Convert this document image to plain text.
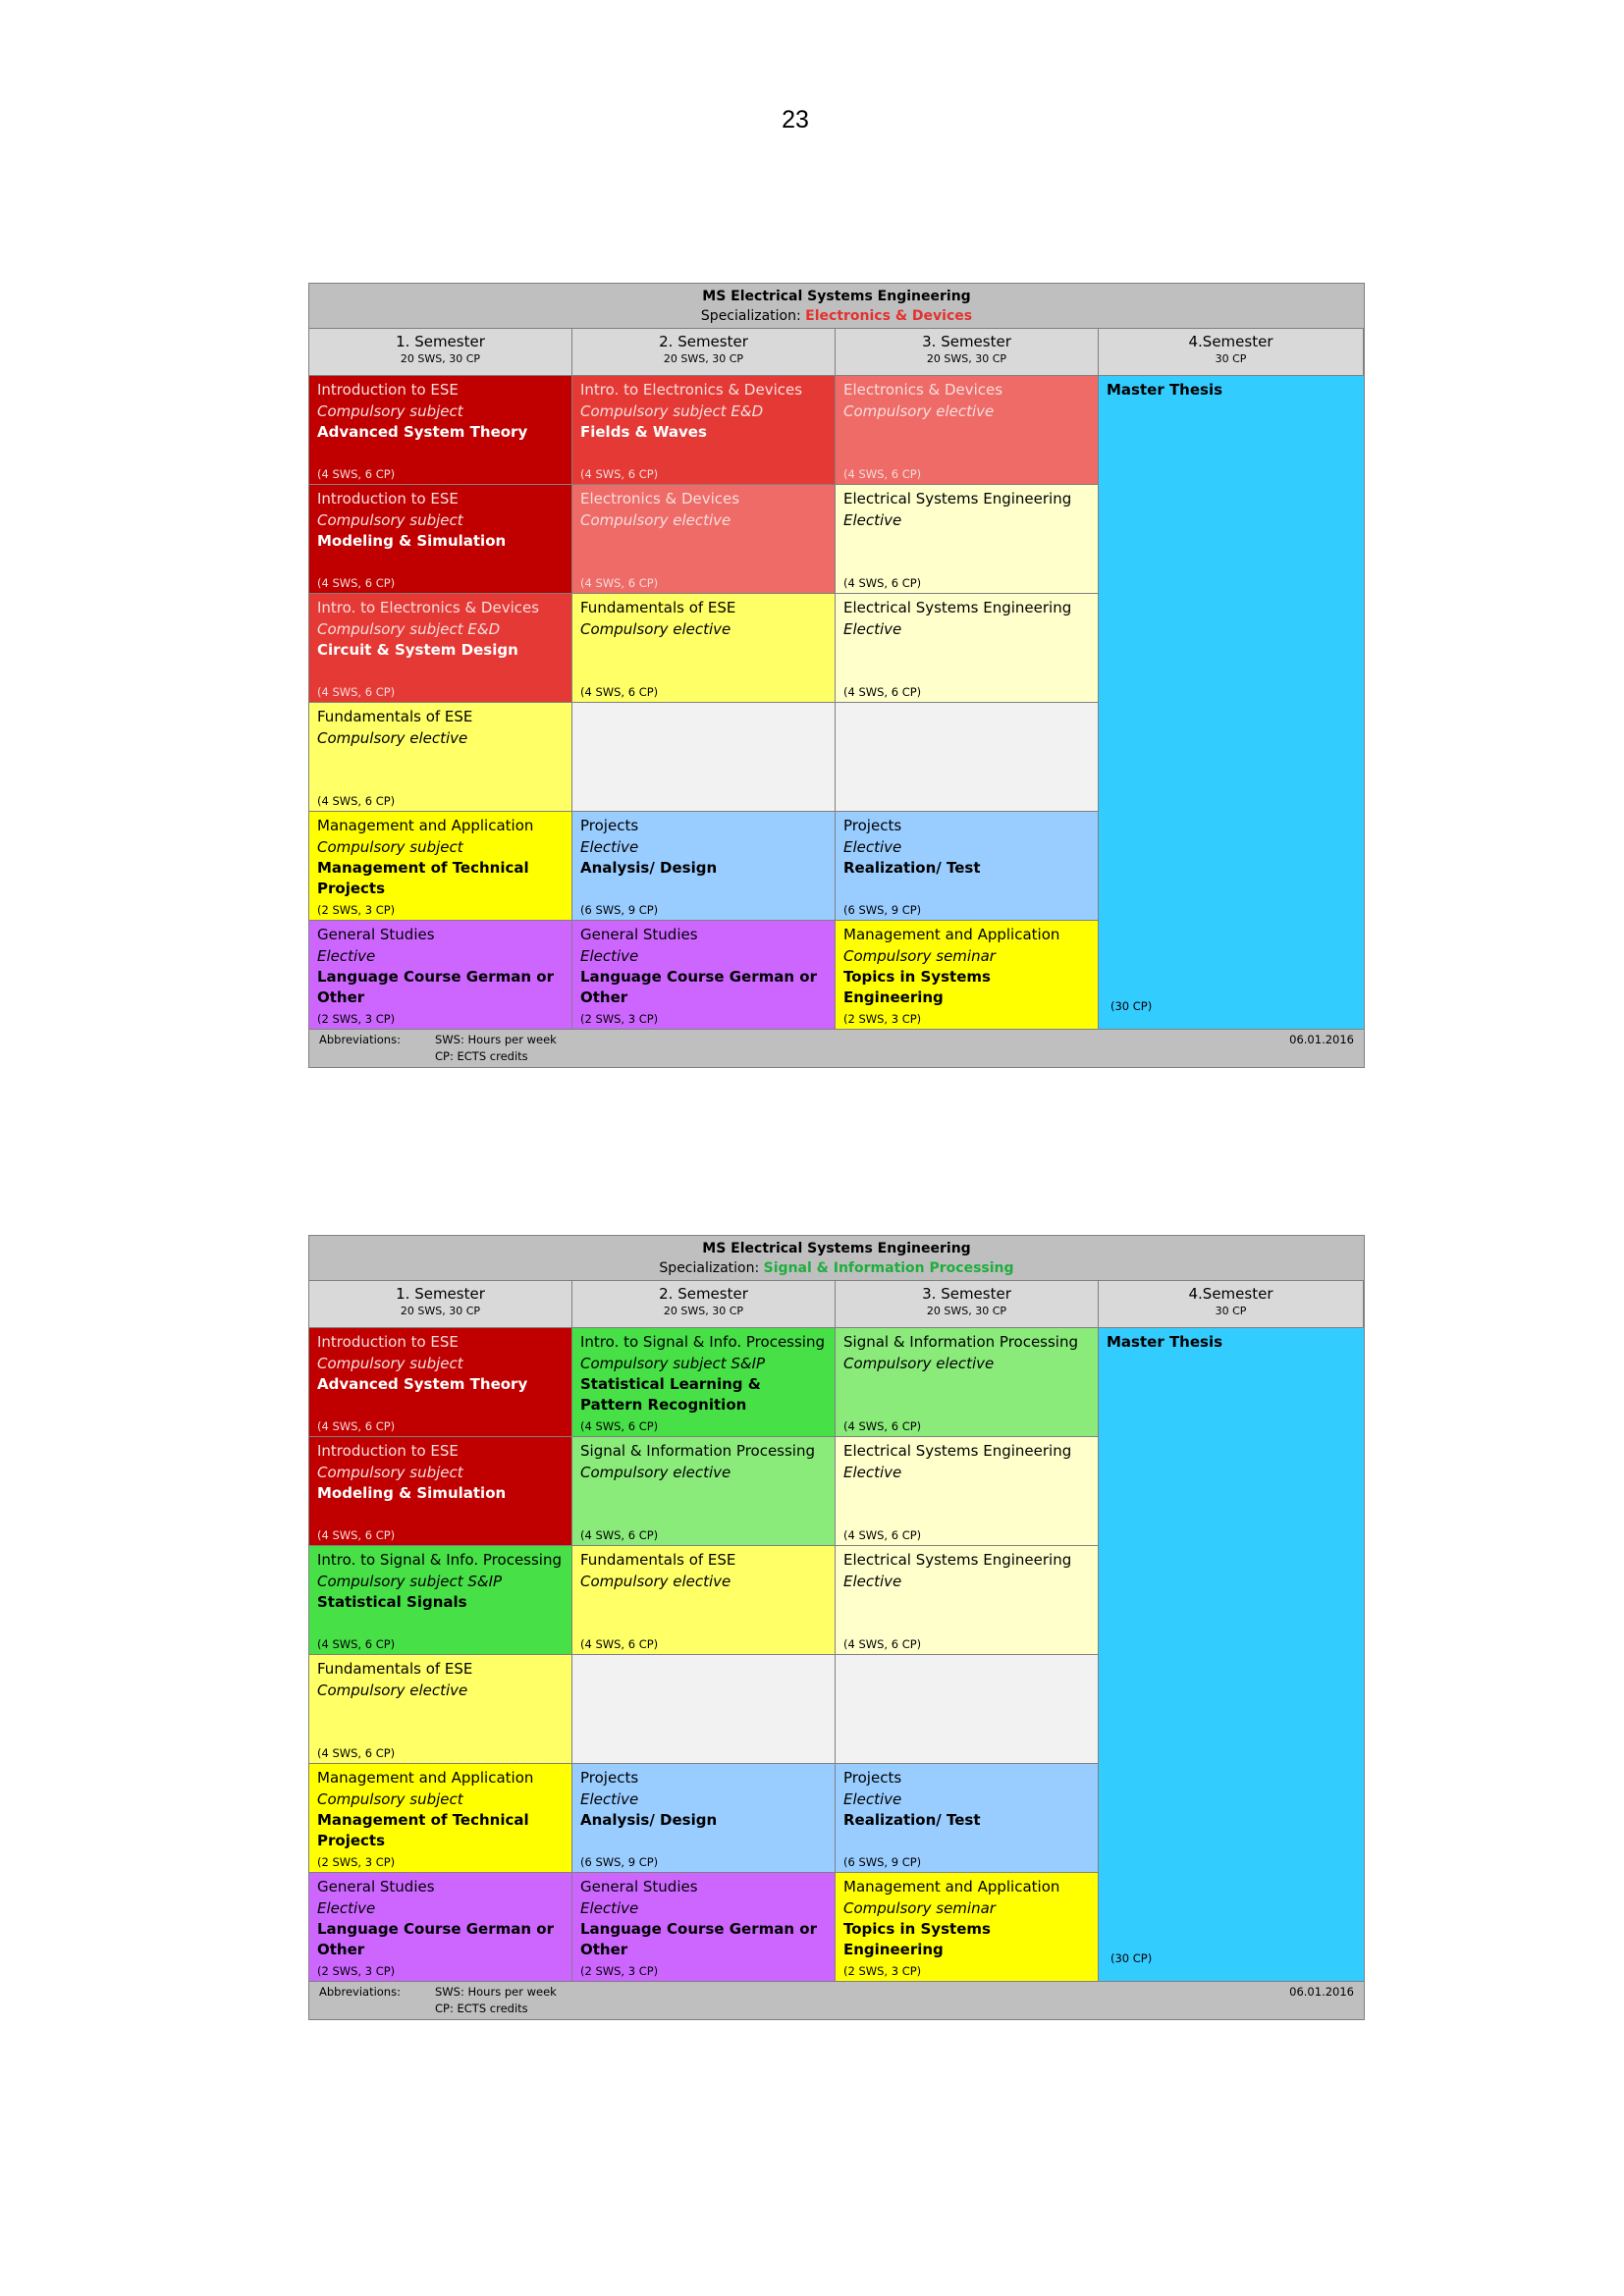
23
MS Electrical Systems Engineering
Specialization: Electronics & Devices
1. Semester
20 SWS, 30 CP
2. Semester
20 SWS, 30 CP
3. Semester
20 SWS, 30 CP
4.Semester
30 CP
Introduction to ESE
Compulsory subject
Advanced System Theory
(4 SWS, 6 CP)
Intro. to Electronics & Devices
Compulsory subject E&D
Fields & Waves
(4 SWS, 6 CP)
Electronics & Devices
Compulsory elective
(4 SWS, 6 CP)
Introduction to ESE
Compulsory subject
Modeling & Simulation
(4 SWS, 6 CP)
Electronics & Devices
Compulsory elective
(4 SWS, 6 CP)
Electrical Systems Engineering
Elective
(4 SWS, 6 CP)
Intro. to Electronics & Devices
Compulsory subject E&D
Circuit & System Design
(4 SWS, 6 CP)
Fundamentals of ESE
Compulsory elective
(4 SWS, 6 CP)
Electrical Systems Engineering
Elective
(4 SWS, 6 CP)
Fundamentals of ESE
Compulsory elective
(4 SWS, 6 CP)
Management and Application
Compulsory subject
Management of Technical Projects
(2 SWS, 3 CP)
Projects
Elective
Analysis/ Design
(6 SWS, 9 CP)
Projects
Elective
Realization/ Test
(6 SWS, 9 CP)
General Studies
Elective
Language Course German or Other
(2 SWS, 3 CP)
General Studies
Elective
Language Course German or Other
(2 SWS, 3 CP)
Management and Application
Compulsory seminar
Topics in Systems Engineering
(2 SWS, 3 CP)
Master Thesis
(30 CP)
Abbreviations:	SWS: Hours per week
CP: ECTS credits
06.01.2016
MS Electrical Systems Engineering
Specialization: Signal & Information Processing
1. Semester
20 SWS, 30 CP
2. Semester
20 SWS, 30 CP
3. Semester
20 SWS, 30 CP
4.Semester
30 CP
Introduction to ESE
Compulsory subject
Advanced System Theory
(4 SWS, 6 CP)
Intro. to Signal & Info. Processing
Compulsory subject S&IP
Statistical Learning & Pattern Recognition
(4 SWS, 6 CP)
Signal & Information Processing
Compulsory elective
(4 SWS, 6 CP)
Introduction to ESE
Compulsory subject
Modeling & Simulation
(4 SWS, 6 CP)
Signal & Information Processing
Compulsory elective
(4 SWS, 6 CP)
Electrical Systems Engineering
Elective
(4 SWS, 6 CP)
Intro. to Signal & Info. Processing
Compulsory subject S&IP
Statistical Signals
(4 SWS, 6 CP)
Fundamentals of ESE
Compulsory elective
(4 SWS, 6 CP)
Electrical Systems Engineering
Elective
(4 SWS, 6 CP)
Fundamentals of ESE
Compulsory elective
(4 SWS, 6 CP)
Management and Application
Compulsory subject
Management of Technical Projects
(2 SWS, 3 CP)
Projects
Elective
Analysis/ Design
(6 SWS, 9 CP)
Projects
Elective
Realization/ Test
(6 SWS, 9 CP)
General Studies
Elective
Language Course German or Other
(2 SWS, 3 CP)
General Studies
Elective
Language Course German or Other
(2 SWS, 3 CP)
Management and Application
Compulsory seminar
Topics in Systems Engineering
(2 SWS, 3 CP)
Master Thesis
(30 CP)
Abbreviations:	SWS: Hours per week
CP: ECTS credits
06.01.2016
